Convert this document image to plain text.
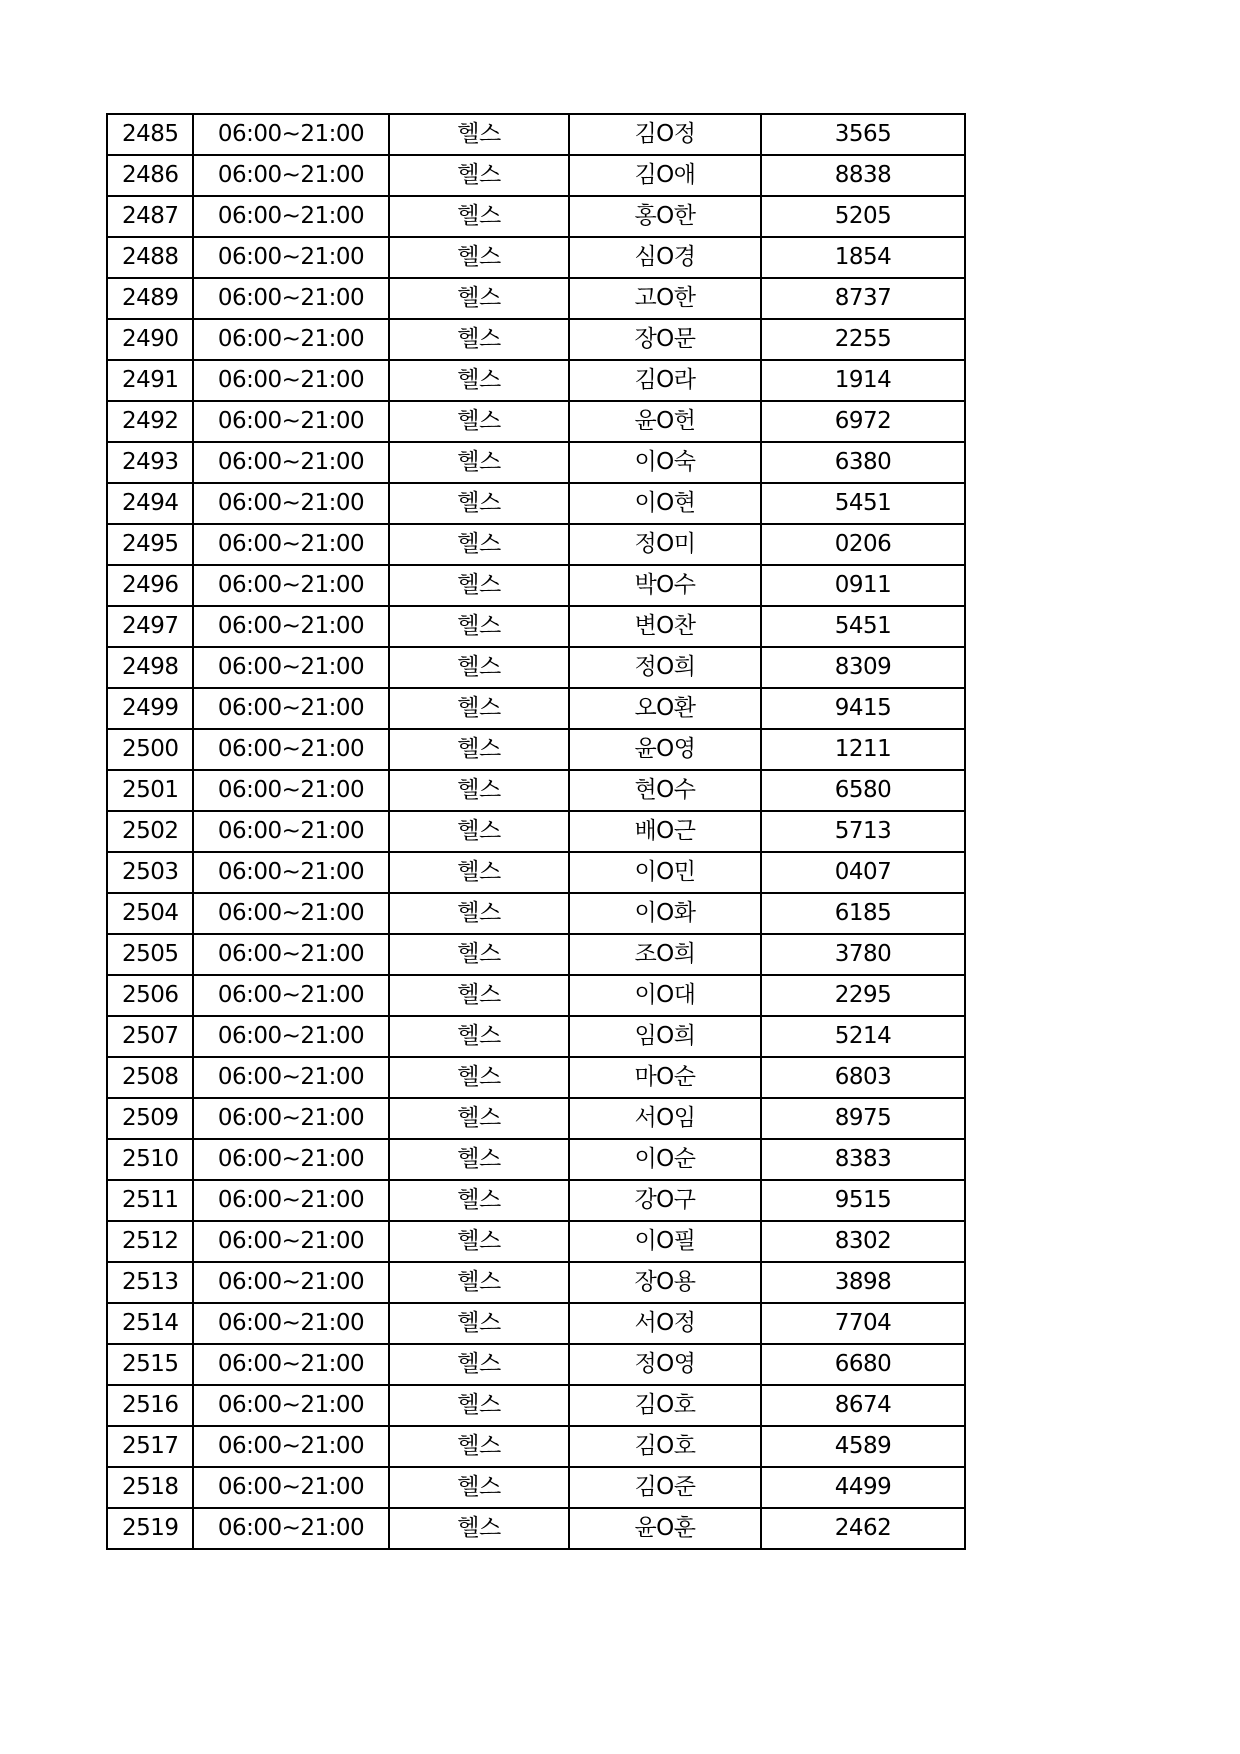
2485	06:00~21:00	헬스	김O정	3565
2486	06:00~21:00	헬스	김O애	8838
2487	06:00~21:00	헬스	홍O한	5205
2488	06:00~21:00	헬스	심O경	1854
2489	06:00~21:00	헬스	고O한	8737
2490	06:00~21:00	헬스	장O문	2255
2491	06:00~21:00	헬스	김O라	1914
2492	06:00~21:00	헬스	윤O헌	6972
2493	06:00~21:00	헬스	이O숙	6380
2494	06:00~21:00	헬스	이O현	5451
2495	06:00~21:00	헬스	정O미	0206
2496	06:00~21:00	헬스	박O수	0911
2497	06:00~21:00	헬스	변O찬	5451
2498	06:00~21:00	헬스	정O희	8309
2499	06:00~21:00	헬스	오O환	9415
2500	06:00~21:00	헬스	윤O영	1211
2501	06:00~21:00	헬스	현O수	6580
2502	06:00~21:00	헬스	배O근	5713
2503	06:00~21:00	헬스	이O민	0407
2504	06:00~21:00	헬스	이O화	6185
2505	06:00~21:00	헬스	조O희	3780
2506	06:00~21:00	헬스	이O대	2295
2507	06:00~21:00	헬스	임O희	5214
2508	06:00~21:00	헬스	마O순	6803
2509	06:00~21:00	헬스	서O임	8975
2510	06:00~21:00	헬스	이O순	8383
2511	06:00~21:00	헬스	강O구	9515
2512	06:00~21:00	헬스	이O필	8302
2513	06:00~21:00	헬스	장O용	3898
2514	06:00~21:00	헬스	서O정	7704
2515	06:00~21:00	헬스	정O영	6680
2516	06:00~21:00	헬스	김O호	8674
2517	06:00~21:00	헬스	김O호	4589
2518	06:00~21:00	헬스	김O준	4499
2519	06:00~21:00	헬스	윤O훈	2462
